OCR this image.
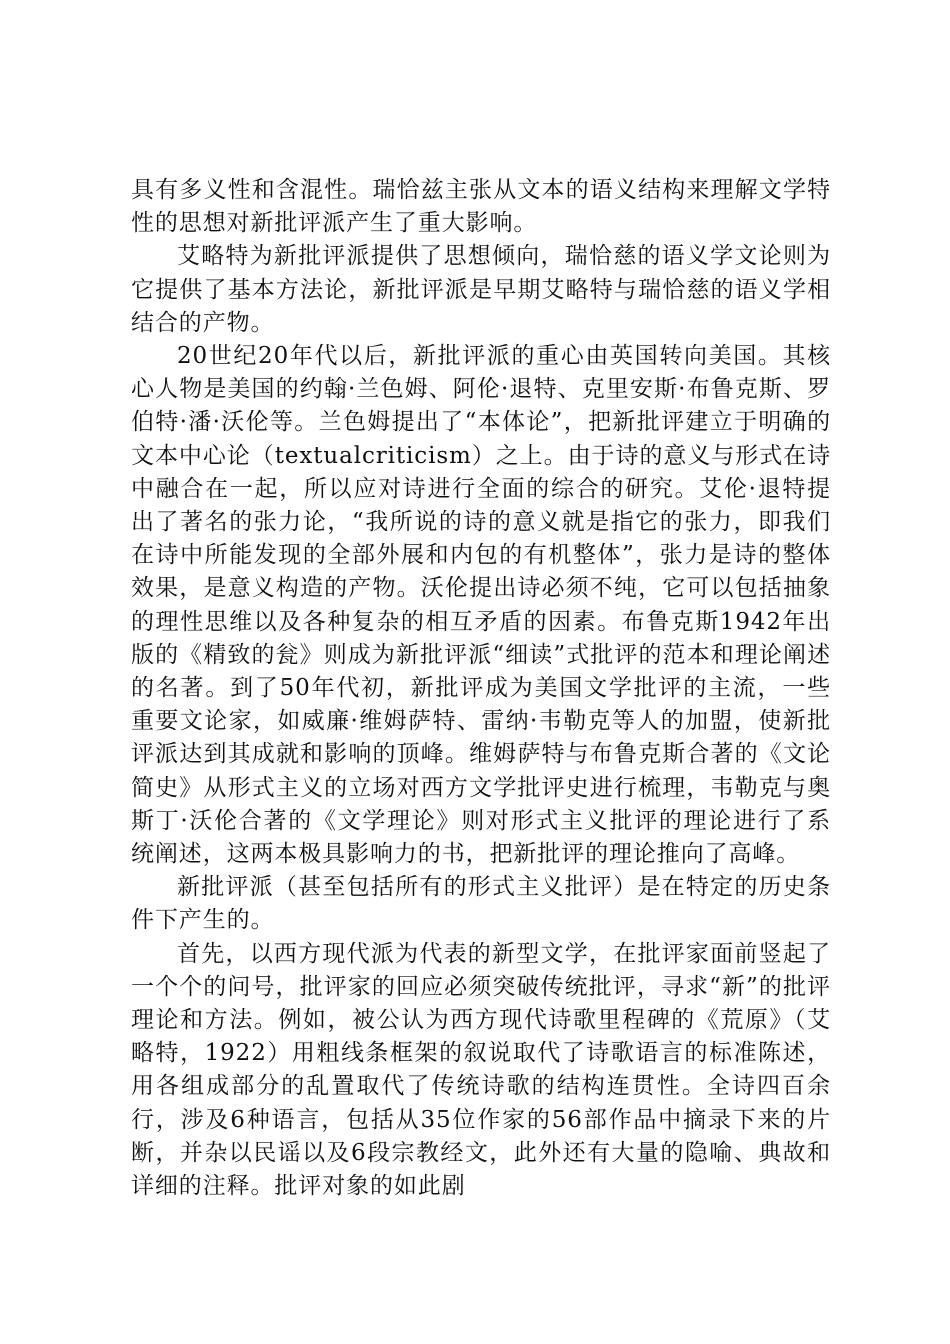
具有多义性和含混性。瑞恰兹主张从文本的语义结构来理解文学特性的思想对新批评派产生了重大影响。

艾略特为新批评派提供了思想倾向，瑞恰慈的语义学文论则为它提供了基本方法论，新批评派是早期艾略特与瑞恰慈的语义学相结合的产物。

20世纪20年代以后，新批评派的重心由英国转向美国。其核心人物是美国的约翰·兰色姆、阿伦·退特、克里安斯·布鲁克斯、罗伯特·潘·沃伦等。兰色姆提出了“本体论”，把新批评建立于明确的文本中心论（textualcriticism）之上。由于诗的意义与形式在诗中融合在一起，所以应对诗进行全面的综合的研究。艾伦·退特提出了著名的张力论，“我所说的诗的意义就是指它的张力，即我们在诗中所能发现的全部外展和内包的有机整体”，张力是诗的整体效果，是意义构造的产物。沃伦提出诗必须不纯，它可以包括抽象的理性思维以及各种复杂的相互矛盾的因素。布鲁克斯1942年出版的《精致的瓮》则成为新批评派“细读”式批评的范本和理论阐述的名著。到了50年代初，新批评成为美国文学批评的主流，一些重要文论家，如威廉·维姆萨特、雷纳·韦勒克等人的加盟，使新批评派达到其成就和影响的顶峰。维姆萨特与布鲁克斯合著的《文论简史》从形式主义的立场对西方文学批评史进行梳理，韦勒克与奥斯丁·沃伦合著的《文学理论》则对形式主义批评的理论进行了系统阐述，这两本极具影响力的书，把新批评的理论推向了高峰。

新批评派（甚至包括所有的形式主义批评）是在特定的历史条件下产生的。

首先，以西方现代派为代表的新型文学，在批评家面前竖起了一个个的问号，批评家的回应必须突破传统批评，寻求“新”的批评理论和方法。例如，被公认为西方现代诗歌里程碑的《荒原》（艾略特，1922）用粗线条框架的叙说取代了诗歌语言的标准陈述，用各组成部分的乱置取代了传统诗歌的结构连贯性。全诗四百余行，涉及6种语言，包括从35位作家的56部作品中摘录下来的片断，并杂以民谣以及6段宗教经文，此外还有大量的隐喻、典故和详细的注释。批评对象的如此剧
